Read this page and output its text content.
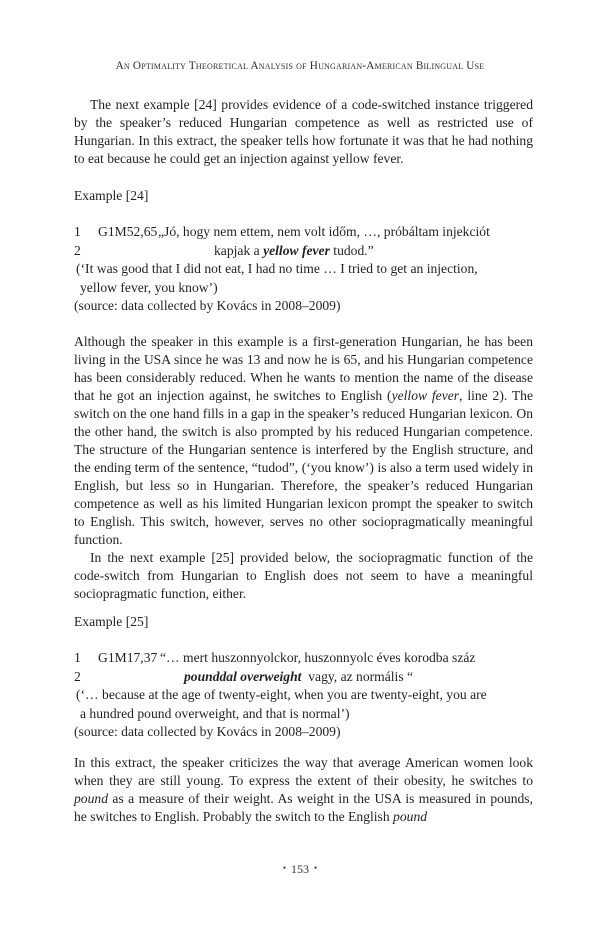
An Optimality Theoretical Analysis of Hungarian-American Bilingual Use

The next example [24] provides evidence of a code-switched instance triggered by the speaker’s reduced Hungarian competence as well as restricted use of Hungarian. In this extract, the speaker tells how fortunate it was that he had nothing to eat because he could get an injection against yellow fever.

Example [24]
1 G1M52,65 „Jó, hogy nem ettem, nem volt időm, …, próbáltam injekciót
2	kapjak a yellow fever tudod.”
(‘It was good that I did not eat, I had no time … I tried to get an injection,
yellow fever, you know’)
(source: data collected by Kovács in 2008–2009)

Although the speaker in this example is a first-generation Hungarian, he has been living in the USA since he was 13 and now he is 65, and his Hungarian competence has been considerably reduced. When he wants to mention the name of the disease that he got an injection against, he switches to English (yellow fever, line 2). The switch on the one hand fills in a gap in the speaker’s reduced Hungarian lexicon. On the other hand, the switch is also prompted by his reduced Hungarian competence. The structure of the Hungarian sentence is interfered by the English structure, and the ending term of the sentence, “tudod”, (‘you know’) is also a term used widely in English, but less so in Hungarian. Therefore, the speaker’s reduced Hungarian competence as well as his limited Hungarian lexicon prompt the speaker to switch to English. This switch, however, serves no other sociopragmatically meaningful function.

In the next example [25] provided below, the sociopragmatic function of the code-switch from Hungarian to English does not seem to have a meaningful sociopragmatic function, either.

Example [25]
1 G1M17,37 “… mert huszonnyolckor, huszonnyolc éves korodba száz
2	pounddal overweight  vagy, az normális “
(‘… because at the age of twenty-eight, when you are twenty-eight, you are
a hundred pound overweight, and that is normal’)
(source: data collected by Kovács in 2008–2009)

In this extract, the speaker criticizes the way that average American women look when they are still young. To express the extent of their obesity, he switches to pound as a measure of their weight. As weight in the USA is measured in pounds, he switches to English. Probably the switch to the English pound

• 153 •
